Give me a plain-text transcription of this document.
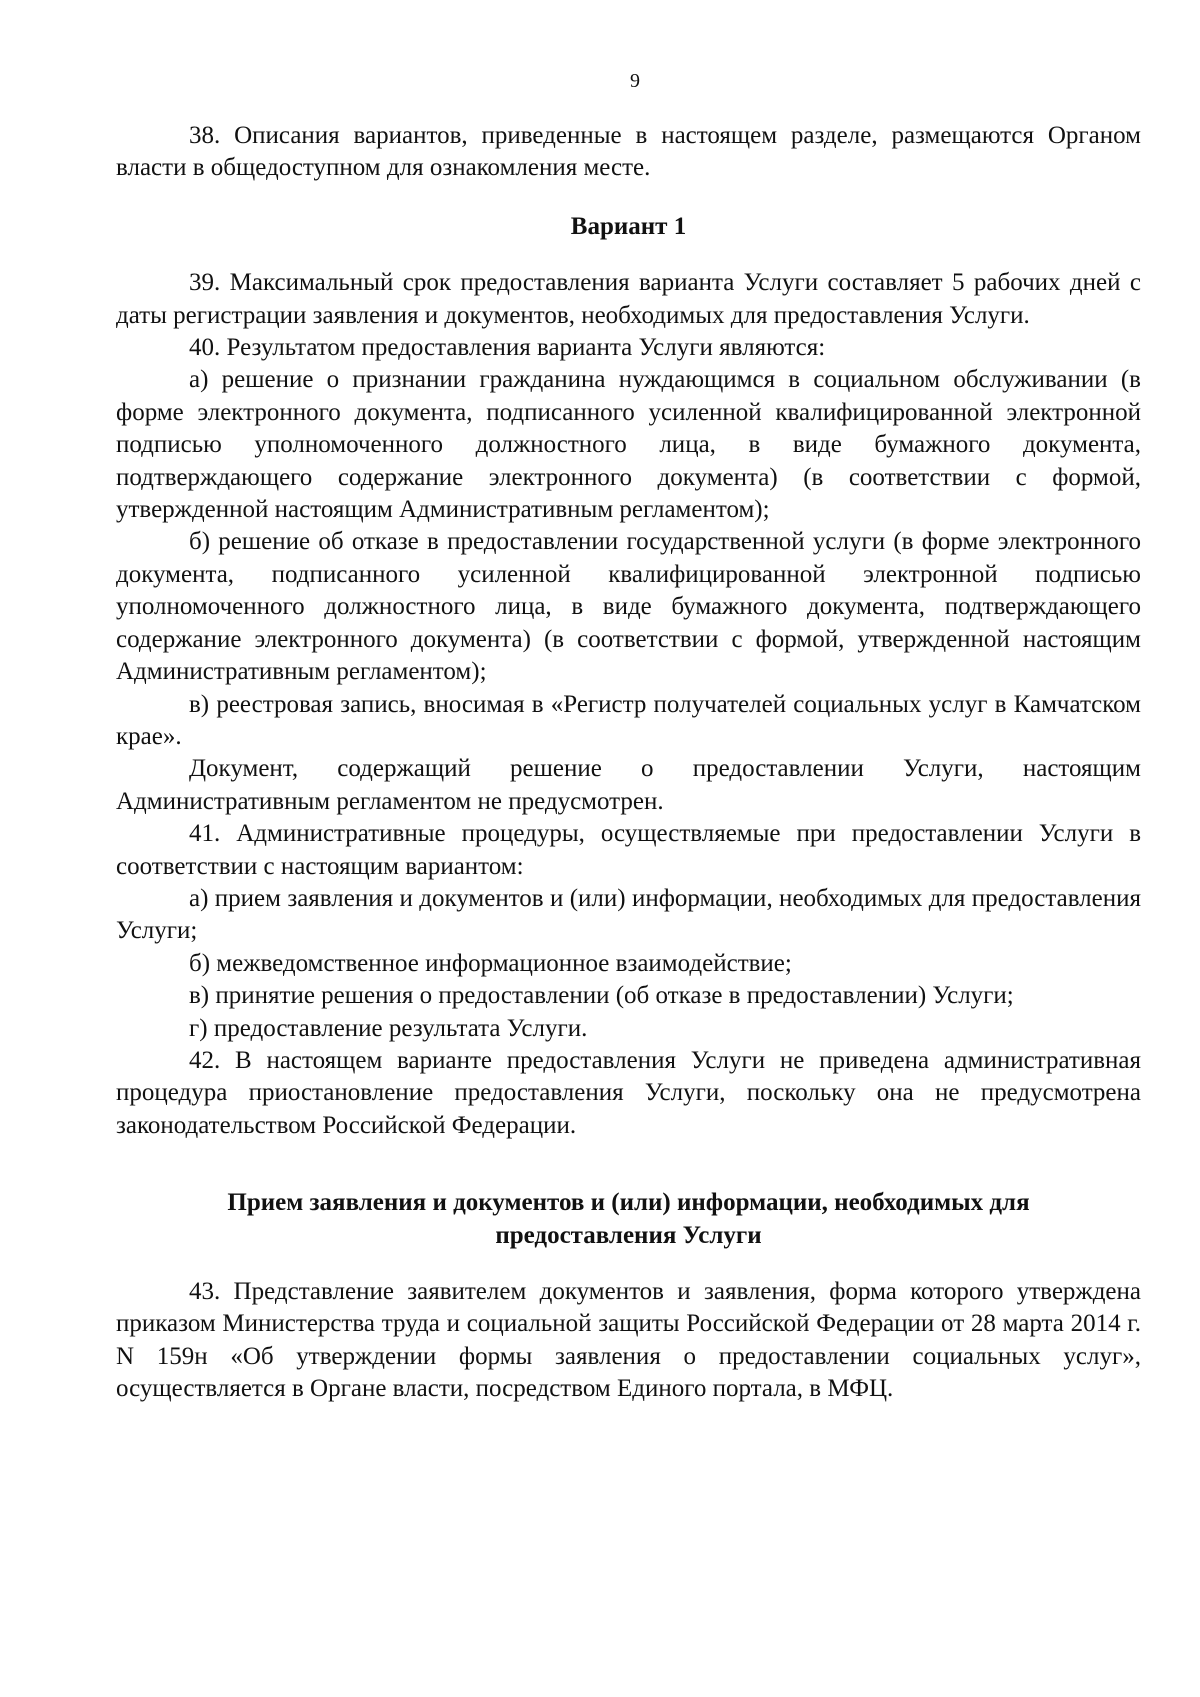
9

38. Описания вариантов, приведенные в настоящем разделе, размещаются Органом власти в общедоступном для ознакомления месте.

Вариант 1

39. Максимальный срок предоставления варианта Услуги составляет 5 рабочих дней с даты регистрации заявления и документов, необходимых для предоставления Услуги.

40. Результатом предоставления варианта Услуги являются:

а) решение о признании гражданина нуждающимся в социальном обслуживании (в форме электронного документа, подписанного усиленной квалифицированной электронной подписью уполномоченного должностного лица, в виде бумажного документа, подтверждающего содержание электронного документа) (в соответствии с формой, утвержденной настоящим Административным регламентом);

б) решение об отказе в предоставлении государственной услуги (в форме электронного документа, подписанного усиленной квалифицированной электронной подписью уполномоченного должностного лица, в виде бумажного документа, подтверждающего содержание электронного документа) (в соответствии с формой, утвержденной настоящим Административным регламентом);

в) реестровая запись, вносимая в «Регистр получателей социальных услуг в Камчатском крае».

Документ, содержащий решение о предоставлении Услуги, настоящим Административным регламентом не предусмотрен.

41. Административные процедуры, осуществляемые при предоставлении Услуги в соответствии с настоящим вариантом:

а) прием заявления и документов и (или) информации, необходимых для предоставления Услуги;

б) межведомственное информационное взаимодействие;

в) принятие решения о предоставлении (об отказе в предоставлении) Услуги;

г) предоставление результата Услуги.

42. В настоящем варианте предоставления Услуги не приведена административная процедура приостановление предоставления Услуги, поскольку она не предусмотрена законодательством Российской Федерации.

Прием заявления и документов и (или) информации, необходимых для предоставления Услуги

43. Представление заявителем документов и заявления, форма которого утверждена приказом Министерства труда и социальной защиты Российской Федерации от 28 марта 2014 г. N 159н «Об утверждении формы заявления о предоставлении социальных услуг», осуществляется в Органе власти, посредством Единого портала, в МФЦ.
